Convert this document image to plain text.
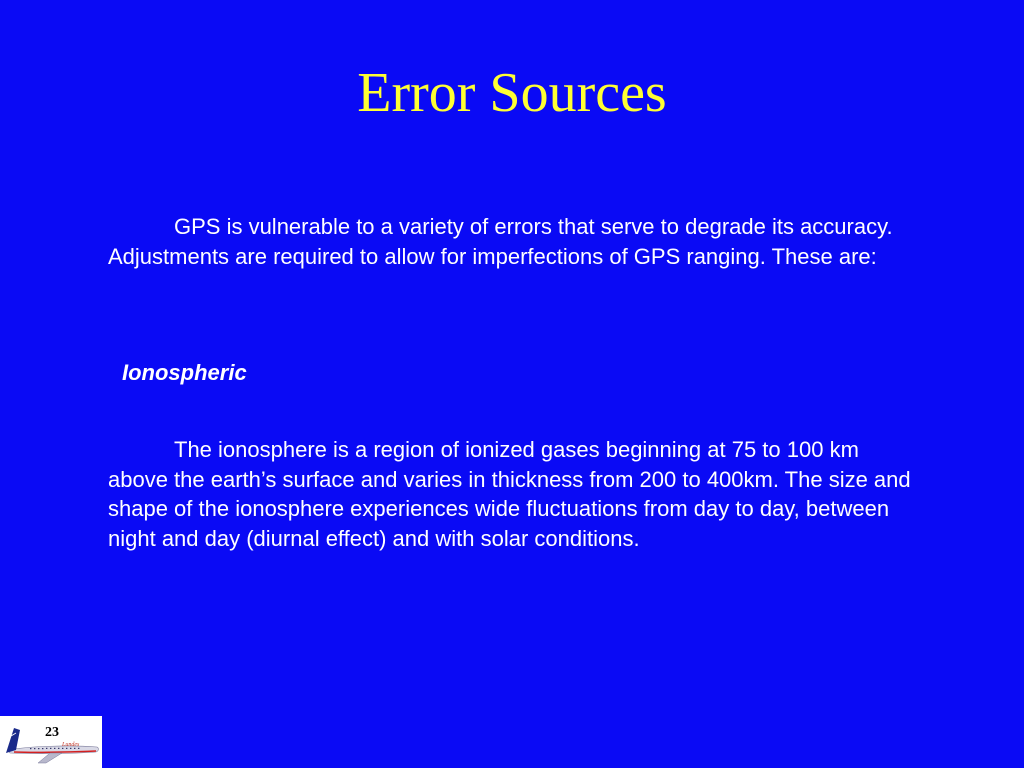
Error Sources

GPS is vulnerable to a variety of errors that serve to degrade its accuracy. Adjustments are required to allow for imperfections of GPS ranging. These are:

Ionospheric

The ionosphere is a region of ionized gases beginning at 75 to 100 km above the earth’s surface and varies in thickness from 200 to 400km. The size and shape of the ionosphere experiences wide fluctuations from day to day, between night and day (diurnal effect) and with solar conditions.

Lundes
23
